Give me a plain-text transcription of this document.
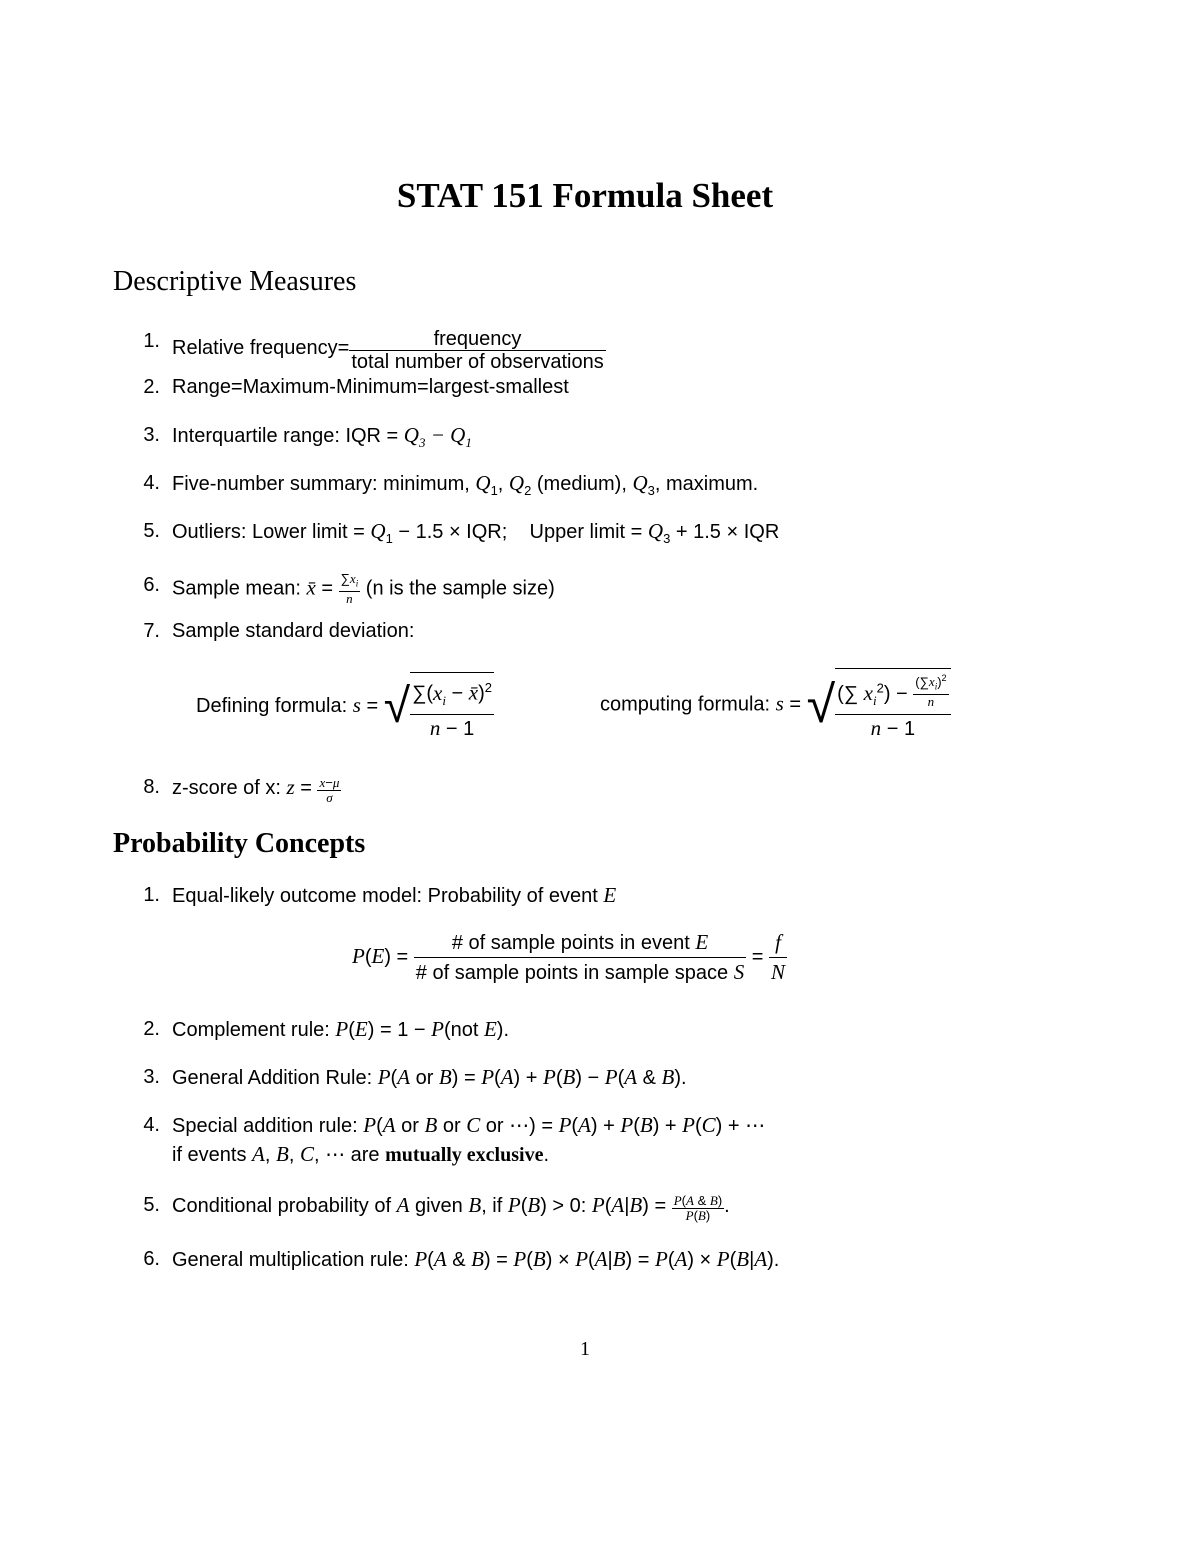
STAT 151 Formula Sheet
Descriptive Measures
1. Relative frequency= $\frac{\text{frequency}}{\text{total number of observations}}$
2. Range=Maximum-Minimum=largest-smallest
3. Interquartile range: IQR = $Q_3 - Q_1$
4. Five-number summary: minimum, $Q_1$, $Q_2$ (medium), $Q_3$, maximum.
5. Outliers: Lower limit = $Q_1 - 1.5$ × IQR;    Upper limit = $Q_3 + 1.5$ × IQR
6. Sample mean: x̄ = $\frac{\sum x_i}{n} (n$ is the sample size)
7. Sample standard deviation:
Defining formula: s = √ $\frac{\sum(x_i - x̄)^2}{n - 1}$	computing formula: s = √ $\frac{(\sum x_i^2) - \frac{(\sum x_i)^2}{n}}{n - 1}$
8. z-score of x: $z = \frac{x-\mu}{\sigma}$
Probability Concepts
1. Equal-likely outcome model: Probability of event E
$P(E) = \frac{\text{\# of sample points in event E}}{\text{\# of sample points in sample space S}} = \frac{f}{N}$
2. Complement rule: P(E) = 1 − P(not E).
3. General Addition Rule: P(A or B) = P(A) + P(B) − P(A & B).
4. Special addition rule: P(A or B or C or ⋯) = P(A) + P(B) + P(C) + ⋯
if events A, B, C, ⋯ are mutually exclusive.
5. Conditional probability of A given B, if P(B) > 0: $P(A|B) = \frac{P(A \& B)}{P(B)}$ .
6. General multiplication rule: P(A & B) = P(B) × P(A|B) = P(A) × P(B|A).
1
